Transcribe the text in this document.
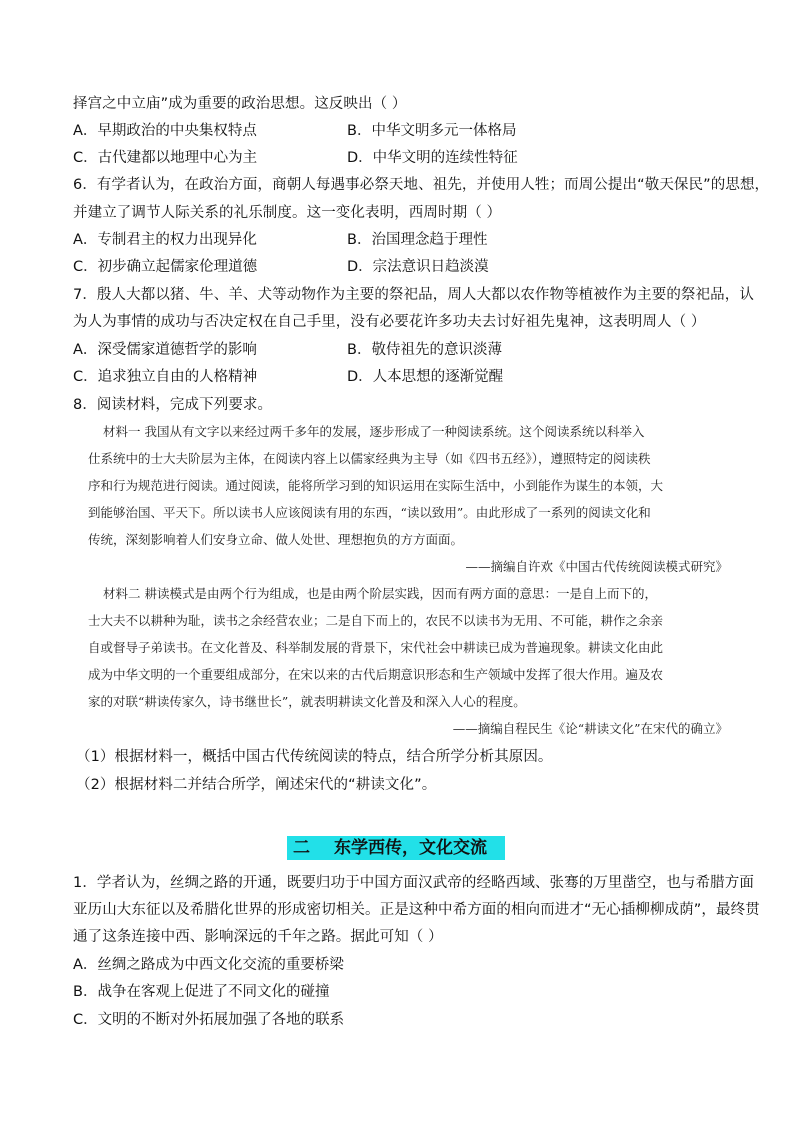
择宫之中立庙”成为重要的政治思想。这反映出（ ）
A．早期政治的中央集权特点	B．中华文明多元一体格局
C．古代建都以地理中心为主	D．中华文明的连续性特征
6．有学者认为，在政治方面，商朝人每遇事必祭天地、祖先，并使用人牲；而周公提出“敬天保民”的思想，
并建立了调节人际关系的礼乐制度。这一变化表明，西周时期（ ）
A．专制君主的权力出现异化	B．治国理念趋于理性
C．初步确立起儒家伦理道德	D．宗法意识日趋淡漠
7．殷人大都以猪、牛、羊、犬等动物作为主要的祭祀品，周人大都以农作物等植被作为主要的祭祀品，认
为人为事情的成功与否决定权在自己手里，没有必要花许多功夫去讨好祖先鬼神，这表明周人（ ）
A．深受儒家道德哲学的影响	B．敬侍祖先的意识淡薄
C．追求独立自由的人格精神	D．人本思想的逐渐觉醒
8．阅读材料，完成下列要求。
材料一 我国从有文字以来经过两千多年的发展，逐步形成了一种阅读系统。这个阅读系统以科举入
仕系统中的士大夫阶层为主体，在阅读内容上以儒家经典为主导（如《四书五经》），遵照特定的阅读秩
序和行为规范进行阅读。通过阅读，能将所学习到的知识运用在实际生活中，小到能作为谋生的本领，大
到能够治国、平天下。所以读书人应该阅读有用的东西，“读以致用”。由此形成了一系列的阅读文化和
传统，深刻影响着人们安身立命、做人处世、理想抱负的方方面面。
——摘编自许欢《中国古代传统阅读模式研究》
材料二 耕读模式是由两个行为组成，也是由两个阶层实践，因而有两方面的意思：一是自上而下的，
士大夫不以耕种为耻，读书之余经营农业；二是自下而上的，农民不以读书为无用、不可能，耕作之余亲
自或督导子弟读书。在文化普及、科举制发展的背景下，宋代社会中耕读已成为普遍现象。耕读文化由此
成为中华文明的一个重要组成部分，在宋以来的古代后期意识形态和生产领域中发挥了很大作用。遍及农
家的对联“耕读传家久，诗书继世长”，就表明耕读文化普及和深入人心的程度。
——摘编自程民生《论“耕读文化”在宋代的确立》
（1）根据材料一，概括中国古代传统阅读的特点，结合所学分析其原因。
（2）根据材料二并结合所学，阐述宋代的“耕读文化”。
二 东学西传，文化交流
1．学者认为，丝绸之路的开通，既要归功于中国方面汉武帝的经略西域、张骞的万里凿空，也与希腊方面
亚历山大东征以及希腊化世界的形成密切相关。正是这种中希方面的相向而进才“无心插柳柳成荫”，最终贯
通了这条连接中西、影响深远的千年之路。据此可知（ ）
A．丝绸之路成为中西文化交流的重要桥梁
B．战争在客观上促进了不同文化的碰撞
C．文明的不断对外拓展加强了各地的联系
